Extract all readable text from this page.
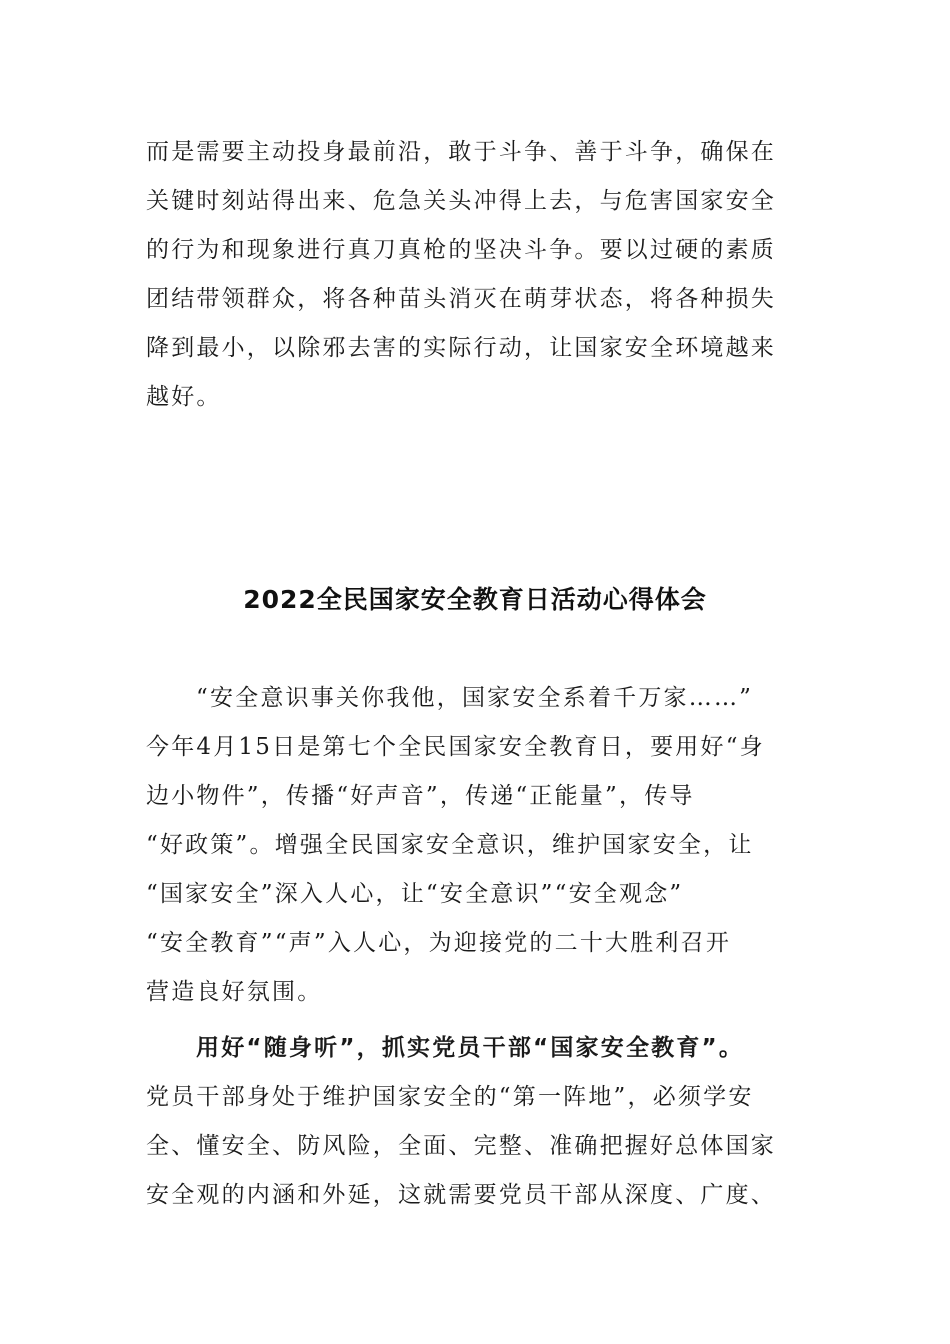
而是需要主动投身最前沿，敢于斗争、善于斗争，确保在
关键时刻站得出来、危急关头冲得上去，与危害国家安全
的行为和现象进行真刀真枪的坚决斗争。要以过硬的素质
团结带领群众，将各种苗头消灭在萌芽状态，将各种损失
降到最小，以除邪去害的实际行动，让国家安全环境越来
越好。
2022全民国家安全教育日活动心得体会
“安全意识事关你我他，国家安全系着千万家……”
今年4月15日是第七个全民国家安全教育日，要用好“身
边小物件”，传播“好声音”，传递“正能量”，传导
“好政策”。增强全民国家安全意识，维护国家安全，让
“国家安全”深入人心，让“安全意识”“安全观念”
“安全教育”“声”入人心，为迎接党的二十大胜利召开
营造良好氛围。
用好“随身听”，抓实党员干部“国家安全教育”。
党员干部身处于维护国家安全的“第一阵地”，必须学安
全、懂安全、防风险，全面、完整、准确把握好总体国家
安全观的内涵和外延，这就需要党员干部从深度、广度、
